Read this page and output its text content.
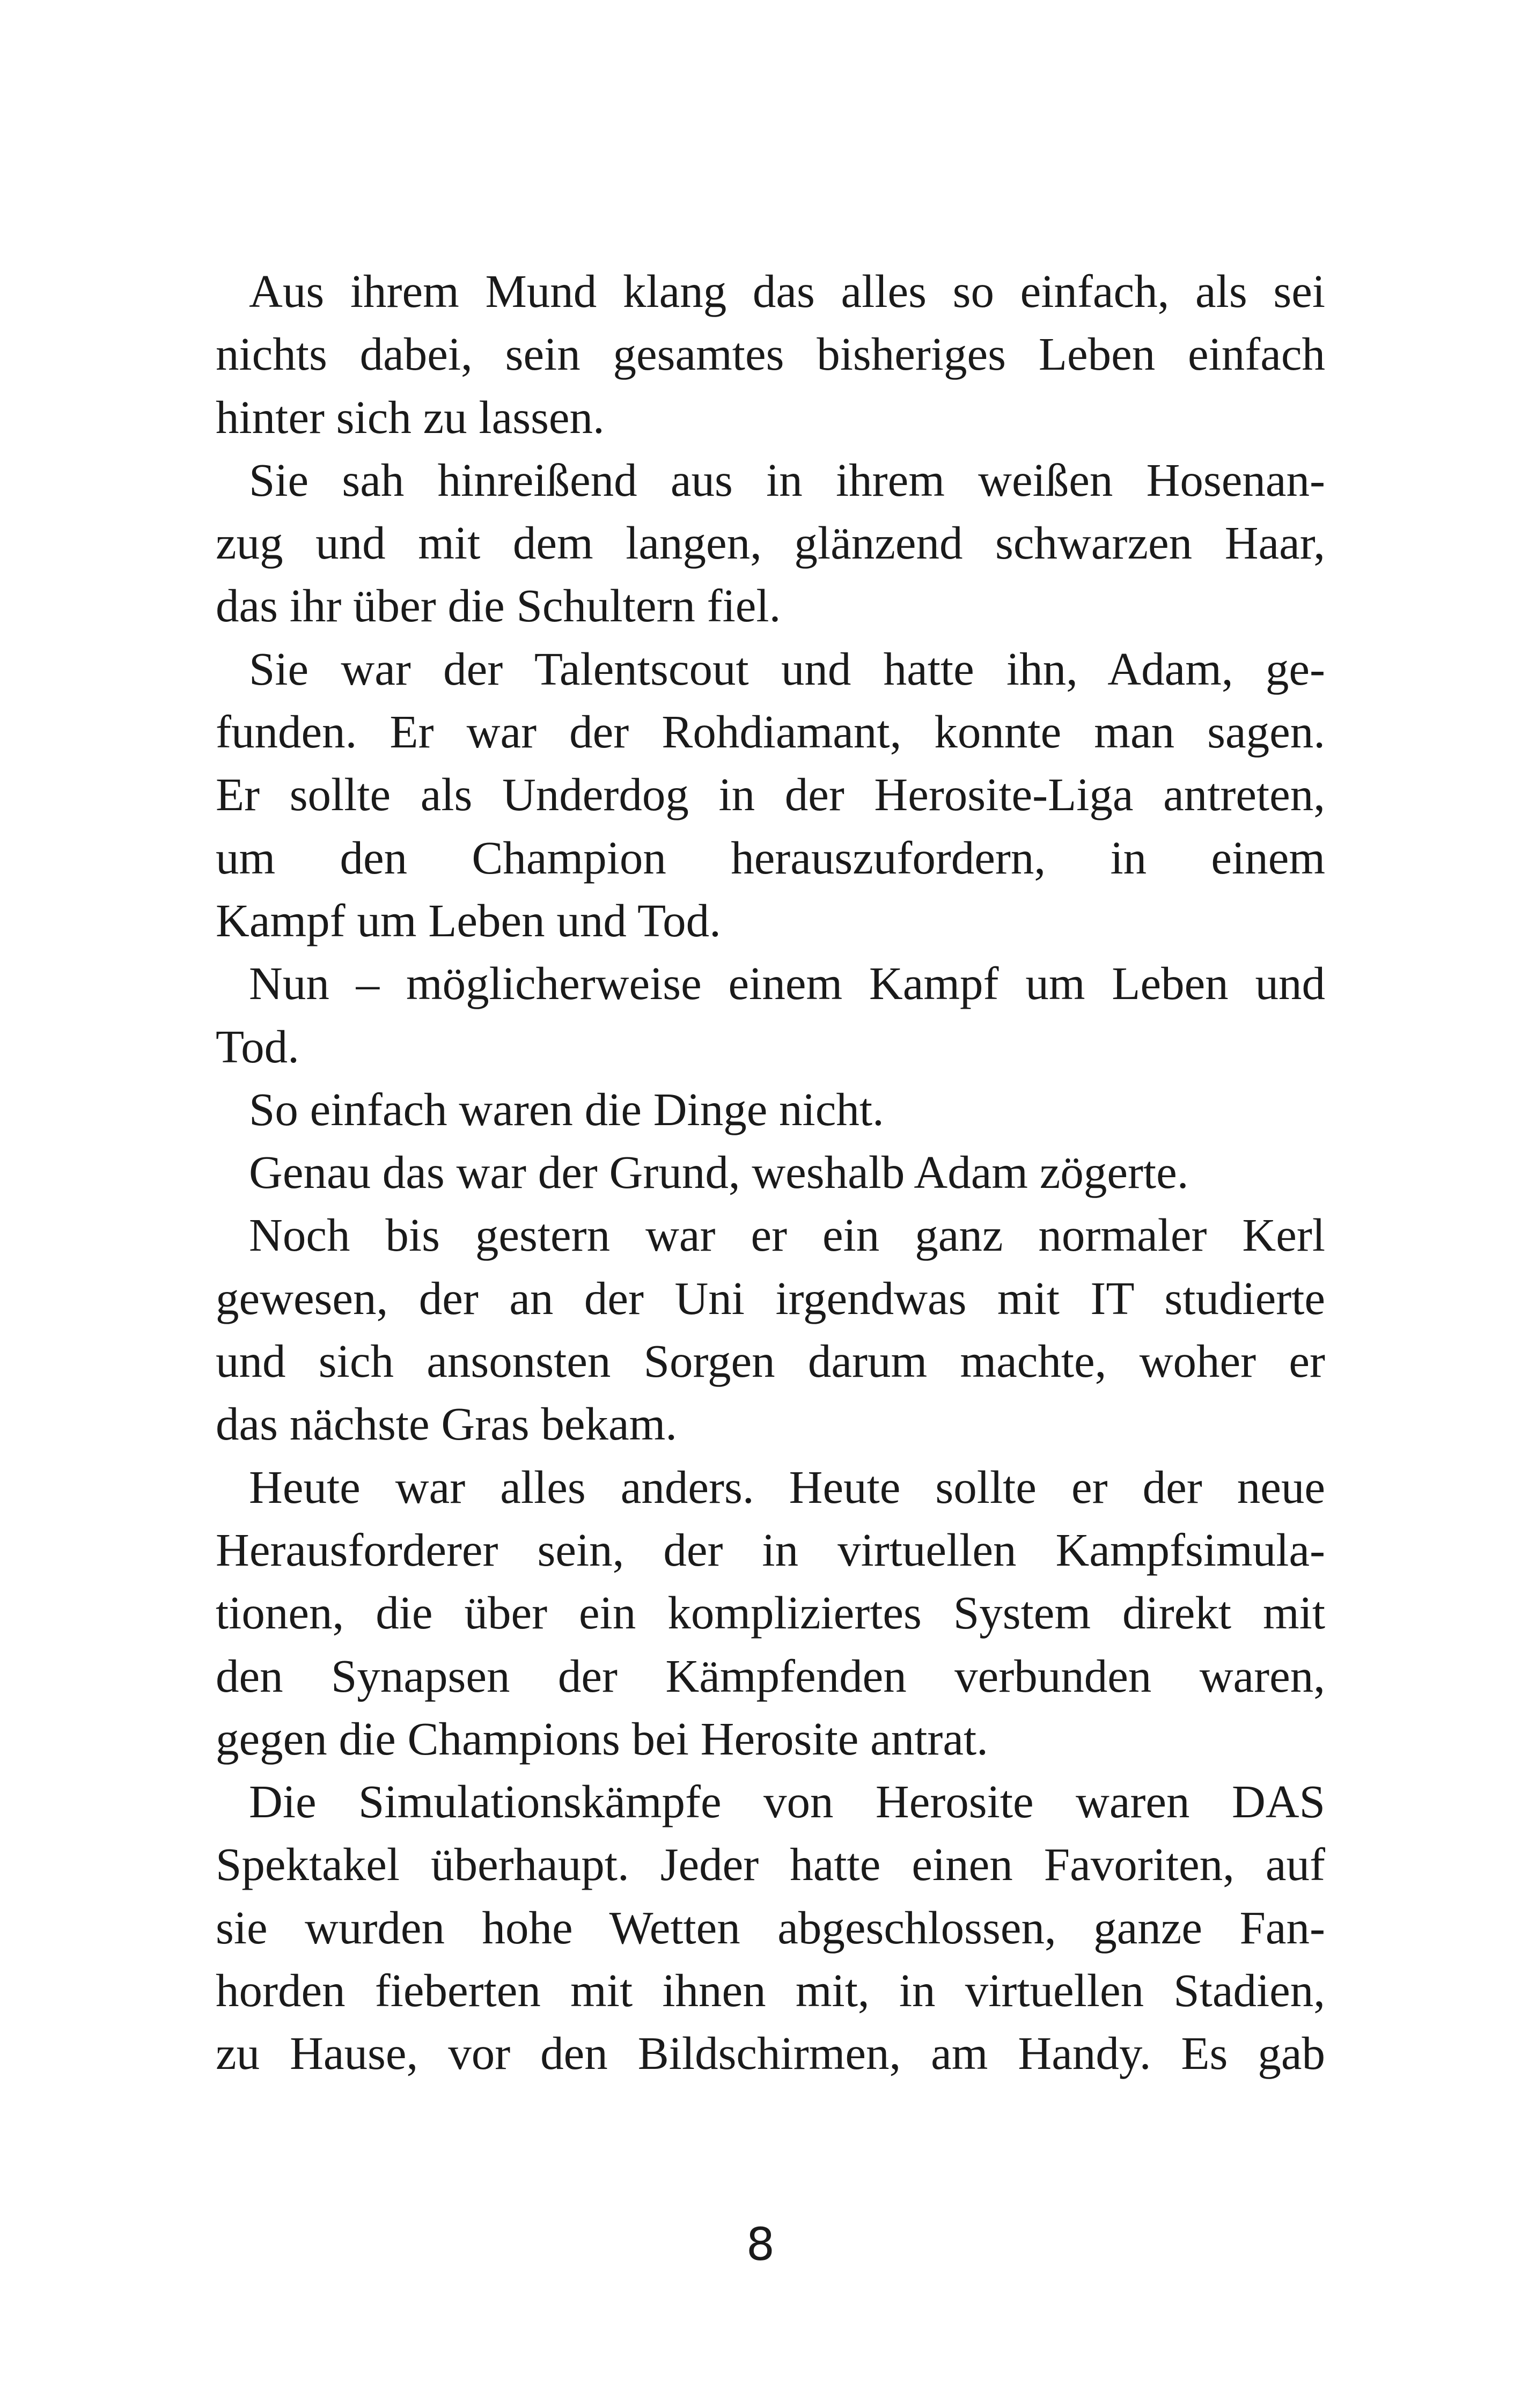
Aus ihrem Mund klang das alles so einfach, als sei
nichts dabei, sein gesamtes bisheriges Leben einfach
hinter sich zu lassen.
Sie sah hinreißend aus in ihrem weißen Hosenan-
zug und mit dem langen, glänzend schwarzen Haar,
das ihr über die Schultern fiel.
Sie war der Talentscout und hatte ihn, Adam, ge-
funden. Er war der Rohdiamant, konnte man sagen.
Er sollte als Underdog in der Herosite-Liga antreten,
um den Champion herauszufordern, in einem
Kampf um Leben und Tod.
Nun – möglicherweise einem Kampf um Leben und
Tod.
So einfach waren die Dinge nicht.
Genau das war der Grund, weshalb Adam zögerte.
Noch bis gestern war er ein ganz normaler Kerl
gewesen, der an der Uni irgendwas mit IT studierte
und sich ansonsten Sorgen darum machte, woher er
das nächste Gras bekam.
Heute war alles anders. Heute sollte er der neue
Herausforderer sein, der in virtuellen Kampfsimula-
tionen, die über ein kompliziertes System direkt mit
den Synapsen der Kämpfenden verbunden waren,
gegen die Champions bei Herosite antrat.
Die Simulationskämpfe von Herosite waren DAS
Spektakel überhaupt. Jeder hatte einen Favoriten, auf
sie wurden hohe Wetten abgeschlossen, ganze Fan-
horden fieberten mit ihnen mit, in virtuellen Stadien,
zu Hause, vor den Bildschirmen, am Handy. Es gab
8
